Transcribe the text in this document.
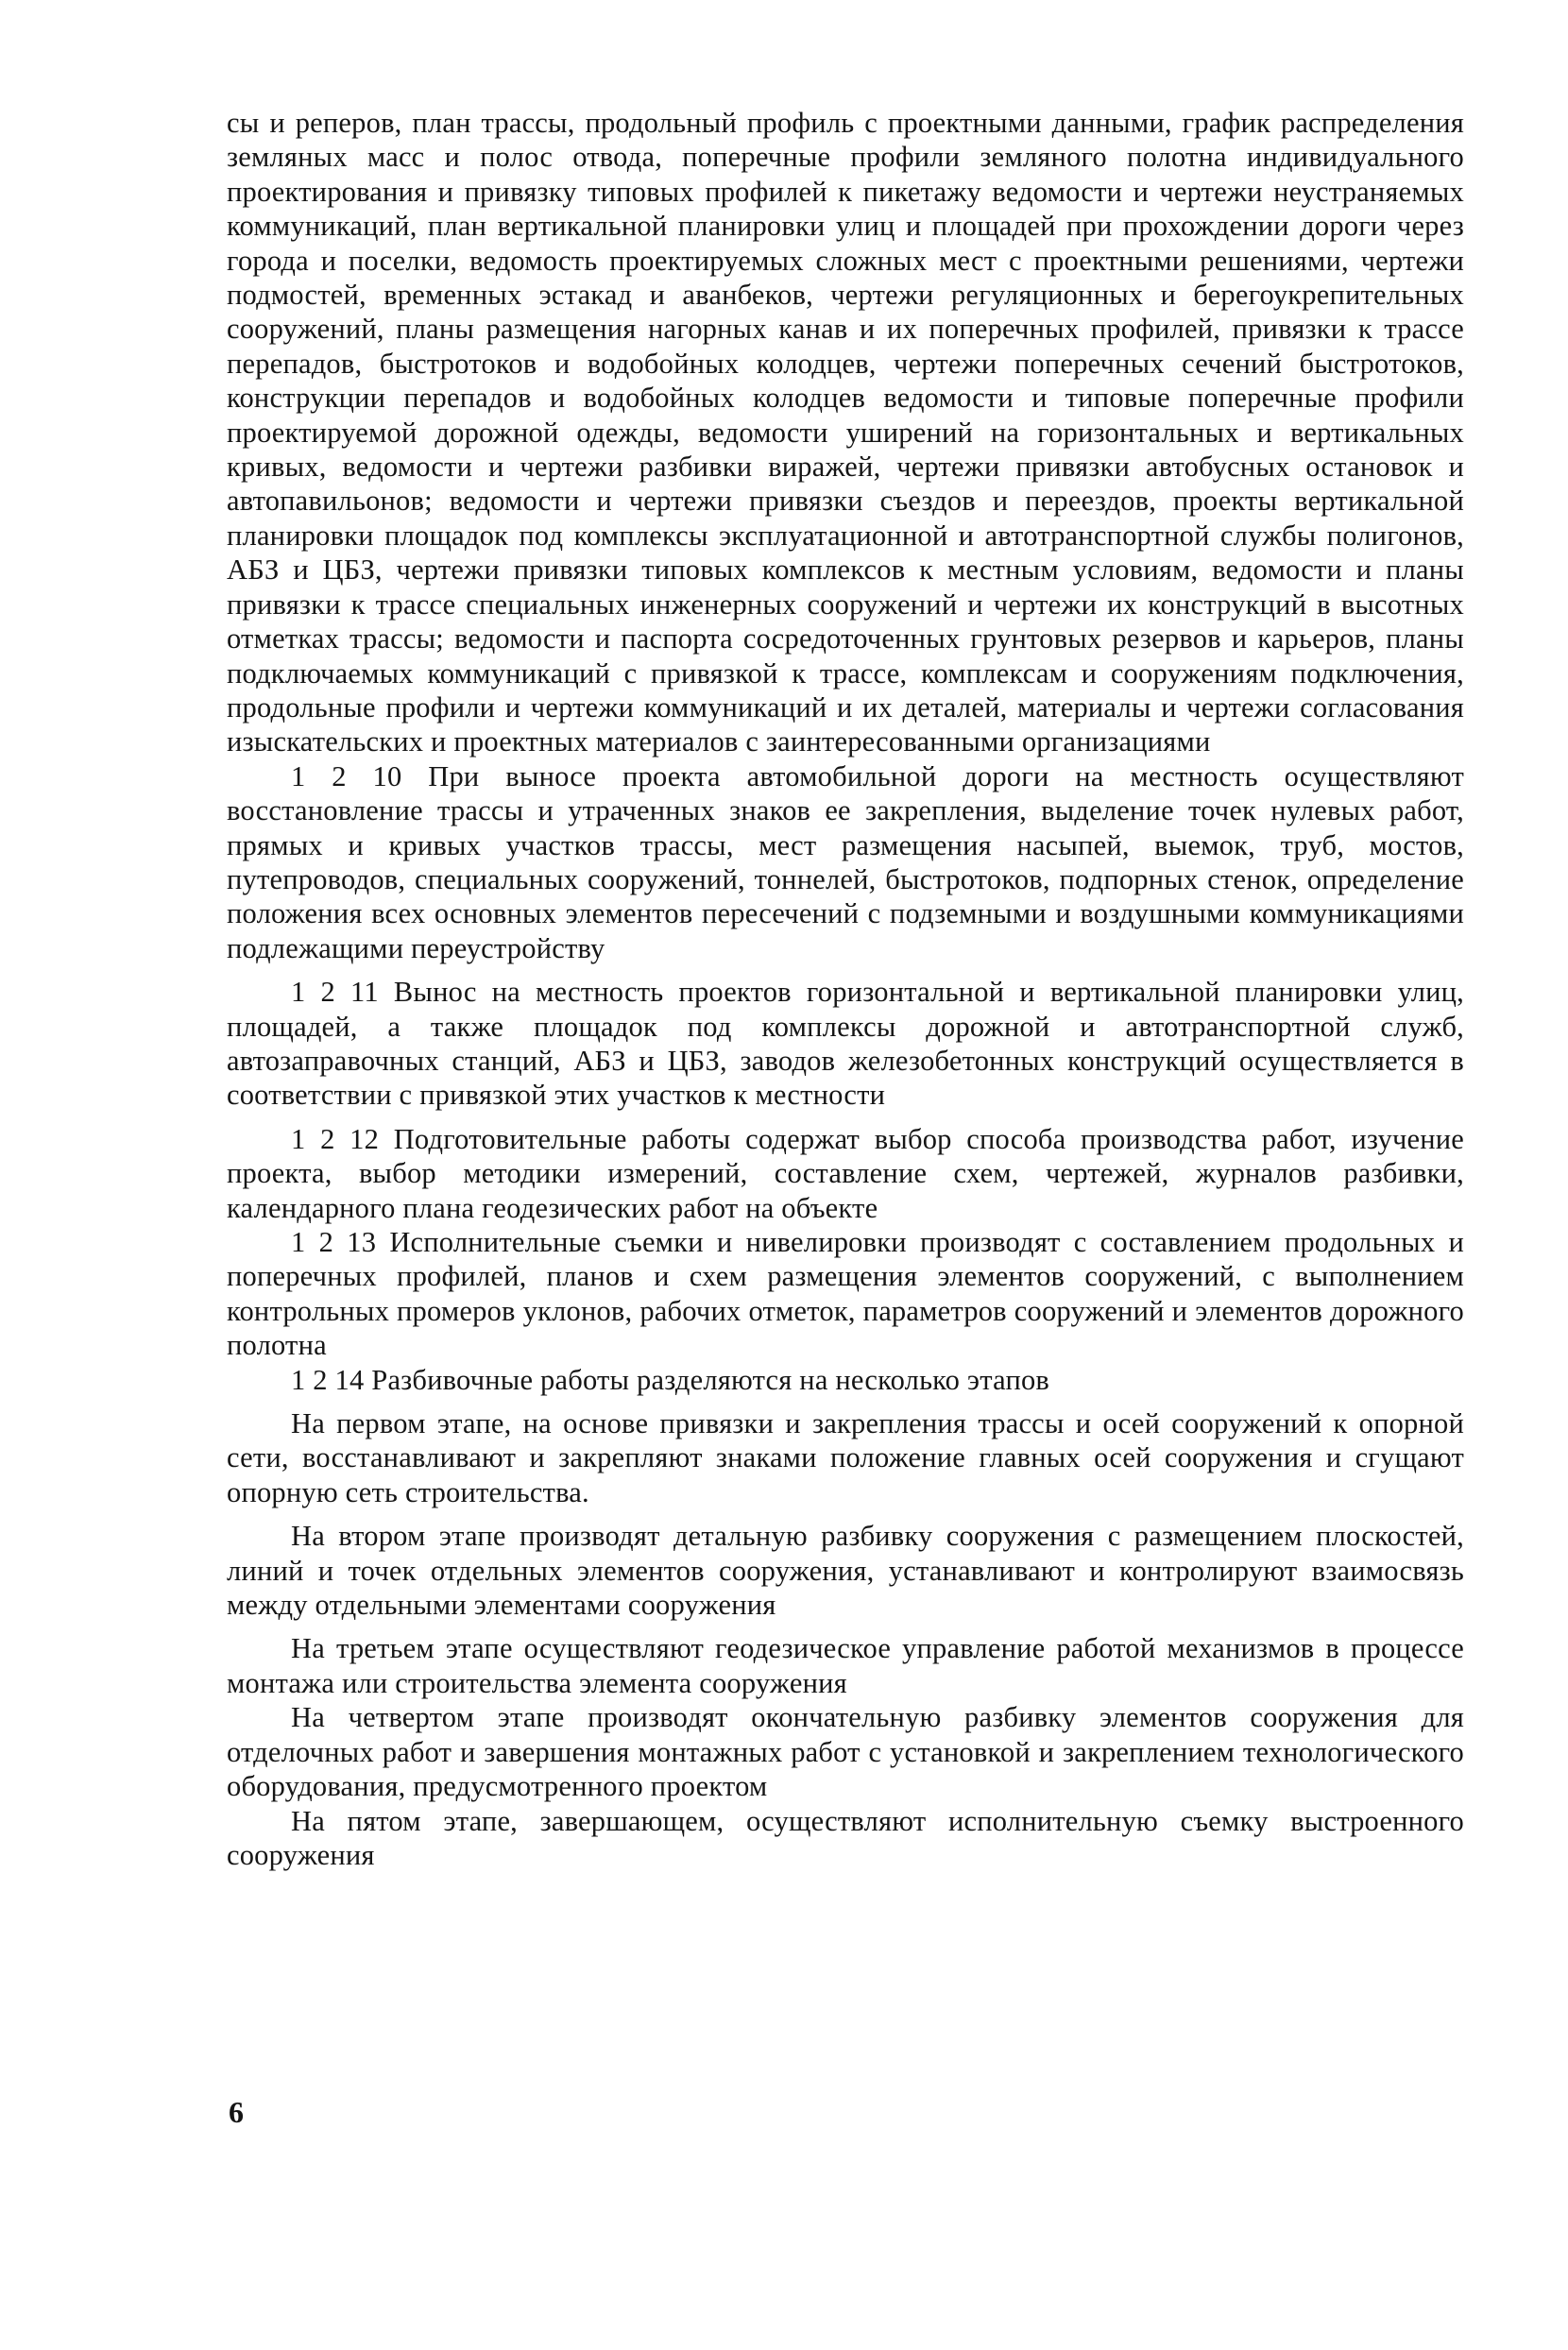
сы и реперов, план трассы, продольный профиль с проектными данными, график распределения земляных масс и полос отвода, поперечные профили земляного полотна индивидуального проектирования и привязку типовых профилей к пикетажу ведомости и чертежи неустраняемых коммуникаций, план вертикальной планировки улиц и площадей при прохождении дороги через города и поселки, ведомость проектируемых сложных мест с проектными решениями, чертежи подмостей, временных эстакад и аванбеков, чертежи регуляционных и берегоукрепительных сооружений, планы размещения нагорных канав и их поперечных профилей, привязки к трассе перепадов, быстротоков и водобойных колодцев, чертежи поперечных сечений быстротоков, конструкции перепадов и водобойных колодцев ведомости и типовые поперечные профили проектируемой дорожной одежды, ведомости уширений на горизонтальных и вертикальных кривых, ведомости и чертежи разбивки виражей, чертежи привязки автобусных остановок и автопавильонов; ведомости и чертежи привязки съездов и переездов, проекты вертикальной планировки площадок под комплексы эксплуатационной и автотранспортной службы полигонов, АБЗ и ЦБЗ, чертежи привязки типовых комплексов к местным условиям, ведомости и планы привязки к трассе специальных инженерных сооружений и чертежи их конструкций в высотных отметках трассы; ведомости и паспорта сосредоточенных грунтовых резервов и карьеров, планы подключаемых коммуникаций с привязкой к трассе, комплексам и сооружениям подключения, продольные профили и чертежи коммуникаций и их деталей, материалы и чертежи согласования изыскательских и проектных материалов с заинтересованными организациями

1 2 10 При выносе проекта автомобильной дороги на местность осуществляют восстановление трассы и утраченных знаков ее закрепления, выделение точек нулевых работ, прямых и кривых участков трассы, мест размещения насыпей, выемок, труб, мостов, путепроводов, специальных сооружений, тоннелей, быстротоков, подпорных стенок, определение положения всех основных элементов пересечений с подземными и воздушными коммуникациями подлежащими переустройству

1 2 11 Вынос на местность проектов горизонтальной и вертикальной планировки улиц, площадей, а также площадок под комплексы дорожной и автотранспортной служб, автозаправочных станций, АБЗ и ЦБЗ, заводов железобетонных конструкций осуществляется в соответствии с привязкой этих участков к местности

1 2 12 Подготовительные работы содержат выбор способа производства работ, изучение проекта, выбор методики измерений, составление схем, чертежей, журналов разбивки, календарного плана геодезических работ на объекте

1 2 13 Исполнительные съемки и нивелировки производят с составлением продольных и поперечных профилей, планов и схем размещения элементов сооружений, с выполнением контрольных промеров уклонов, рабочих отметок, параметров сооружений и элементов дорожного полотна

1 2 14 Разбивочные работы разделяются на несколько этапов

На первом этапе, на основе привязки и закрепления трассы и осей сооружений к опорной сети, восстанавливают и закрепляют знаками положение главных осей сооружения и сгущают опорную сеть строительства.

На втором этапе производят детальную разбивку сооружения с размещением плоскостей, линий и точек отдельных элементов сооружения, устанавливают и контролируют взаимосвязь между отдельными элементами сооружения

На третьем этапе осуществляют геодезическое управление работой механизмов в процессе монтажа или строительства элемента сооружения

На четвертом этапе производят окончательную разбивку элементов сооружения для отделочных работ и завершения монтажных работ с установкой и закреплением технологического оборудования, предусмотренного проектом

На пятом этапе, завершающем, осуществляют исполнительную съемку выстроенного сооружения

6
